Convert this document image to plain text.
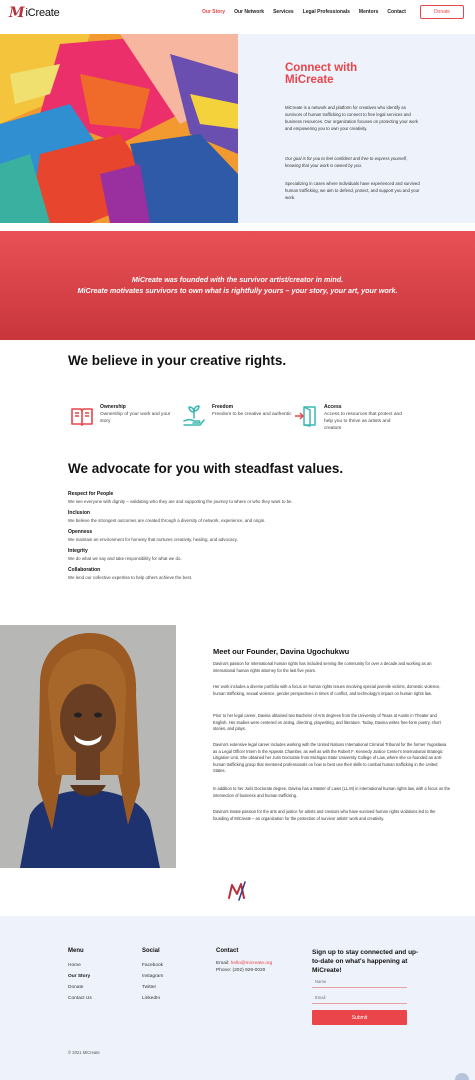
M iCreate	Our Story Our Network Services Legal Professionals Mentors Contact	Donate
Connect with MiCreate
MiCreate is a network and platform for creatives who identify as survivors of human trafficking to connect to free legal services and business resources. Our organization focuses on protecting your work and empowering you to own your creativity.
Our goal is for you to feel confident and free to express yourself, knowing that your work is owned by you.
Specializing in cases where individuals have experienced and survived human trafficking, we aim to defend, protect, and support you and your work.
MiCreate was founded with the survivor artist/creator in mind.
MiCreate motivates survivors to own what is rightfully yours – your story, your art, your work.
We believe in your creative rights.
Ownership
Ownership of your work and your story
Freedom
Freedom to be creative and authentic
Access
Access to resources that protect and help you to thrive as artists and creators
We advocate for you with steadfast values.
Respect for People
We see everyone with dignity – validating who they are and supporting the journey to where or who they want to be.
Inclusion
We believe the strongest outcomes are created through a diversity of network, experience, and origin.
Openness
We maintain an environment for honesty that nurtures creativity, healing, and advocacy.
Integrity
We do what we say and take responsibility for what we do.
Collaboration
We lend our collective expertise to help others achieve the best.
Meet our Founder, Davina Ugochukwu
Davina's passion for international human rights has included serving the community for over a decade and working as an international human rights attorney for the last five years.
Her work includes a diverse portfolio with a focus on human rights issues involving special juvenile victims, domestic violence, human trafficking, sexual violence, gender perspectives in times of conflict, and technology's impact on human rights law.
Prior to her legal career, Davina obtained two Bachelor of Arts degrees from the University of Texas at Austin in Theater and English. Her studies were centered on acting, directing, playwriting, and literature. Today, Davina writes free-form poetry, short stories, and plays.
Davina's extensive legal career includes working with the United Nations International Criminal Tribunal for the former Yugoslavia as a Legal Officer Intern in the Appeals Chamber, as well as with the Robert F. Kennedy Justice Center's International Strategic Litigation Unit. She obtained her Juris Doctorate from Michigan State University College of Law, where she co-founded an anti-human trafficking group that mentored professionals on how to best use their skills to combat human trafficking in the United States.
In addition to her Juris Doctorate degree, Davina has a Master of Laws (LL.M) in international human rights law, with a focus on the intersection of business and human trafficking.
Davina's innate passion for the arts and justice for artists and creators who have survived human rights violations led to the founding of MiCreate – an organization for the protection of survivor artists' work and creativity.
Menu
Home
Our Story
Donate
Contact Us
Social
Facebook
Instagram
Twitter
LinkedIn
Contact
Email: hello@micreate.org
Phone: (202) 929-0020
Sign up to stay connected and up-to-date on what's happening at MiCreate!
Name
Email
Submit
© 2021 MiCreate
